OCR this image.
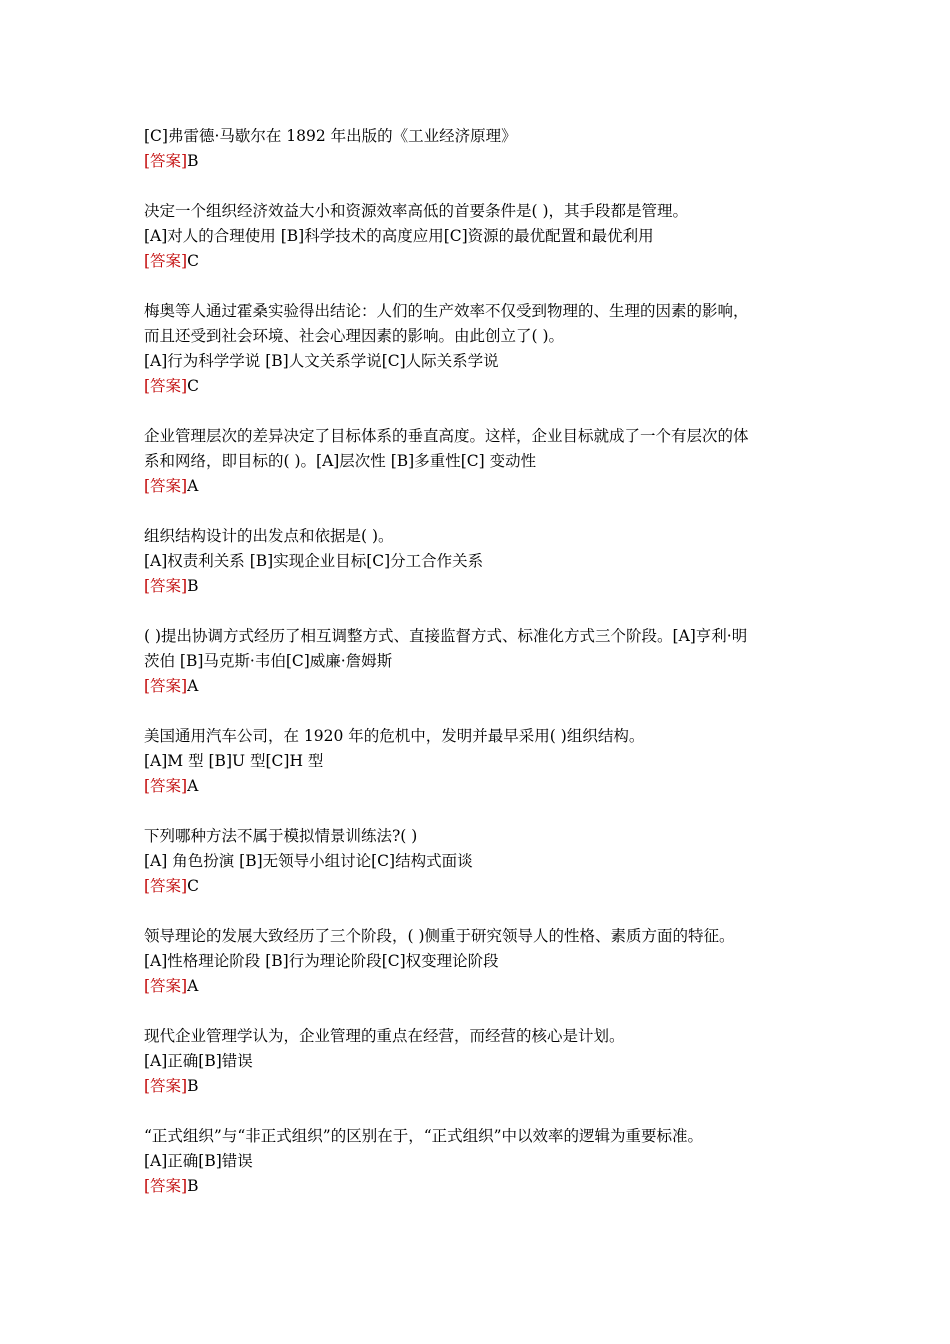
[C]弗雷德·马歇尔在 1892 年出版的《工业经济原理》
[答案]B
决定一个组织经济效益大小和资源效率高低的首要条件是( )，其手段都是管理。
[A]对人的合理使用 [B]科学技术的高度应用[C]资源的最优配置和最优利用
[答案]C
梅奥等人通过霍桑实验得出结论：人们的生产效率不仅受到物理的、生理的因素的影响，
而且还受到社会环境、社会心理因素的影响。由此创立了( )。
[A]行为科学学说 [B]人文关系学说[C]人际关系学说
[答案]C
企业管理层次的差异决定了目标体系的垂直高度。这样，企业目标就成了一个有层次的体
系和网络，即目标的( )。[A]层次性 [B]多重性[C] 变动性
[答案]A
组织结构设计的出发点和依据是( )。
[A]权责利关系 [B]实现企业目标[C]分工合作关系
[答案]B
( )提出协调方式经历了相互调整方式、直接监督方式、标准化方式三个阶段。[A]亨利·明
茨伯 [B]马克斯·韦伯[C]威廉·詹姆斯
[答案]A
美国通用汽车公司，在 1920 年的危机中，发明并最早采用( )组织结构。
[A]M 型 [B]U 型[C]H 型
[答案]A
下列哪种方法不属于模拟情景训练法?( )
[A] 角色扮演 [B]无领导小组讨论[C]结构式面谈
[答案]C
领导理论的发展大致经历了三个阶段，( )侧重于研究领导人的性格、素质方面的特征。
[A]性格理论阶段 [B]行为理论阶段[C]权变理论阶段
[答案]A
现代企业管理学认为，企业管理的重点在经营，而经营的核心是计划。
[A]正确[B]错误
[答案]B
“正式组织”与“非正式组织”的区别在于，“正式组织”中以效率的逻辑为重要标准。
[A]正确[B]错误
[答案]B
